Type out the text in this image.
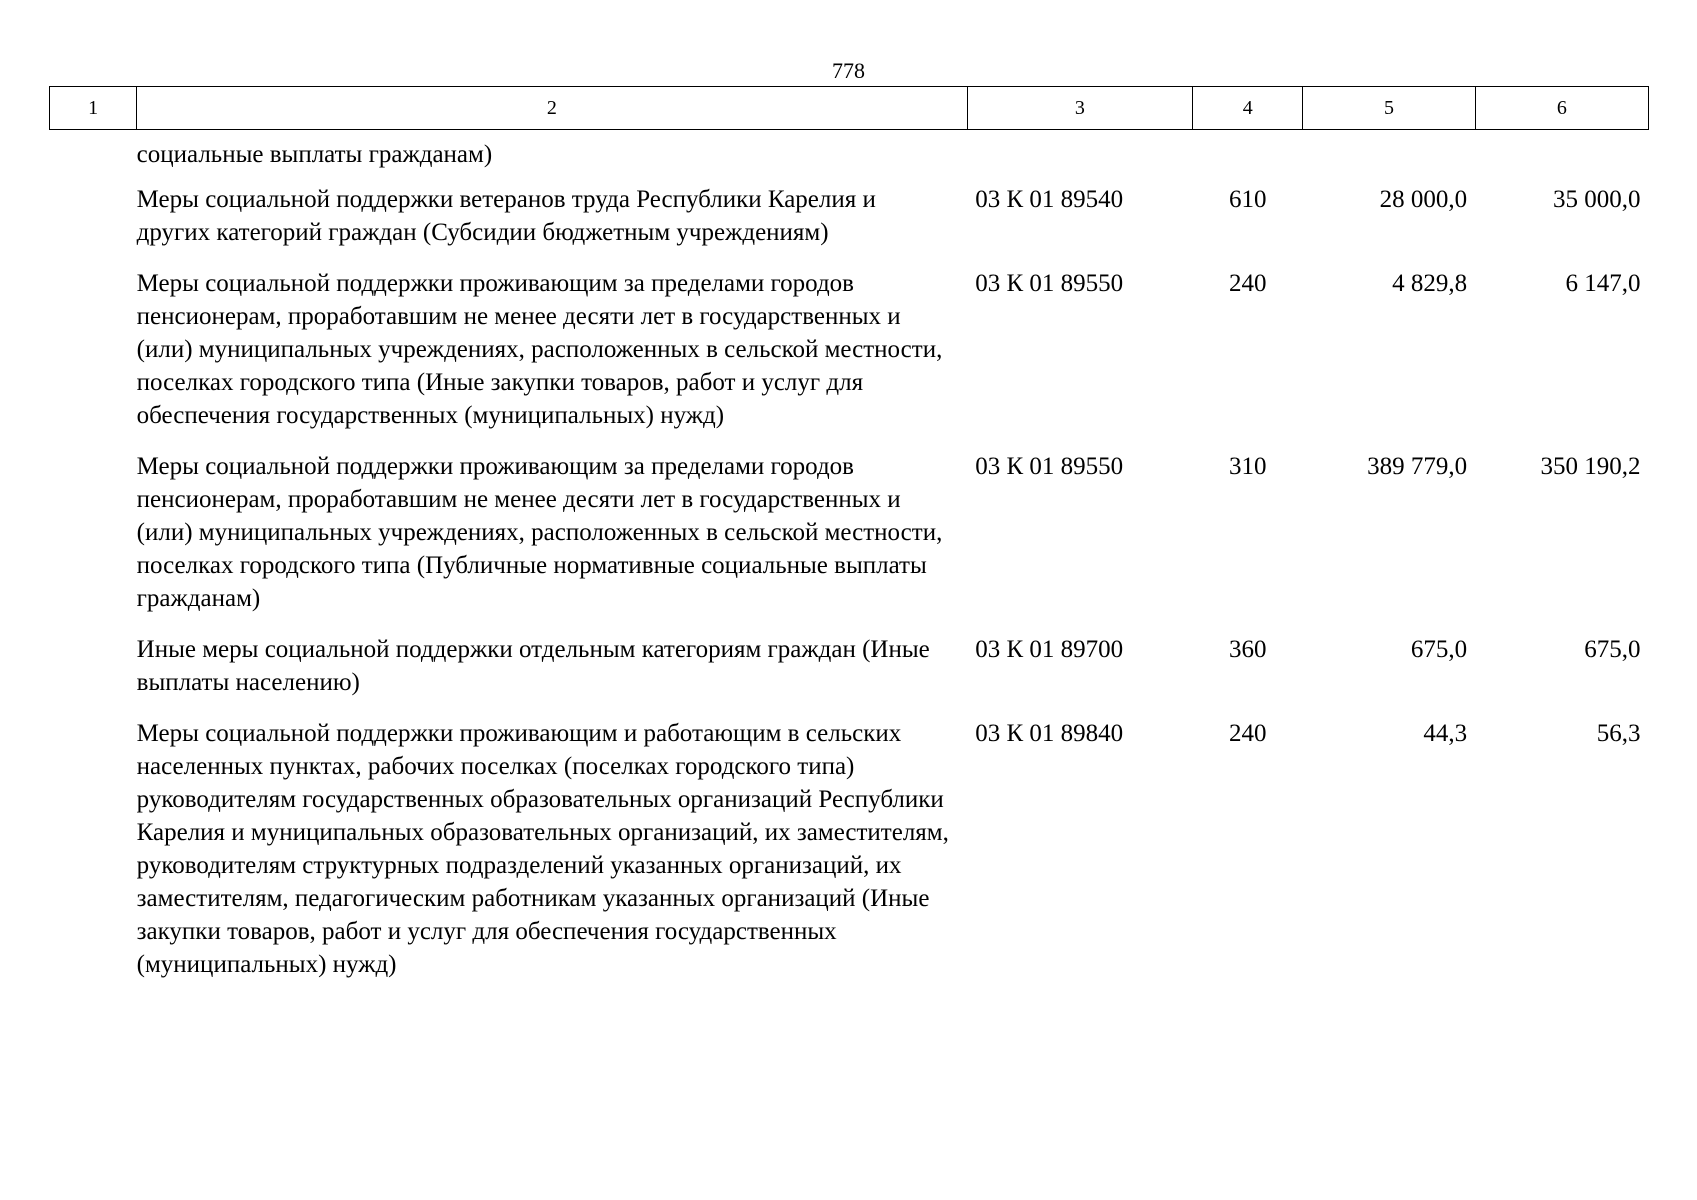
778
1	2	3	4	5	6
	социальные выплаты гражданам)				
	Меры социальной поддержки ветеранов труда Республики Карелия и других категорий граждан (Субсидии бюджетным учреждениям)	03 К 01 89540	610	28 000,0	35 000,0
	Меры социальной поддержки проживающим за пределами городов пенсионерам, проработавшим не менее десяти лет в государственных и (или) муниципальных учреждениях, расположенных в сельской местности, поселках городского типа (Иные закупки товаров, работ и услуг для обеспечения государственных (муниципальных) нужд)	03 К 01 89550	240	4 829,8	6 147,0
	Меры социальной поддержки проживающим за пределами городов пенсионерам, проработавшим не менее десяти лет в государственных и (или) муниципальных учреждениях, расположенных в сельской местности, поселках городского типа (Публичные нормативные социальные выплаты гражданам)	03 К 01 89550	310	389 779,0	350 190,2
	Иные меры социальной поддержки отдельным категориям граждан (Иные выплаты населению)	03 К 01 89700	360	675,0	675,0
	Меры социальной поддержки проживающим и работающим в сельских населенных пунктах, рабочих поселках (поселках городского типа) руководителям государственных образовательных организаций Республики Карелия и муниципальных образовательных организаций, их заместителям, руководителям структурных подразделений указанных организаций, их заместителям, педагогическим работникам указанных организаций (Иные закупки товаров, работ и услуг для обеспечения государственных (муниципальных) нужд)	03 К 01 89840	240	44,3	56,3
